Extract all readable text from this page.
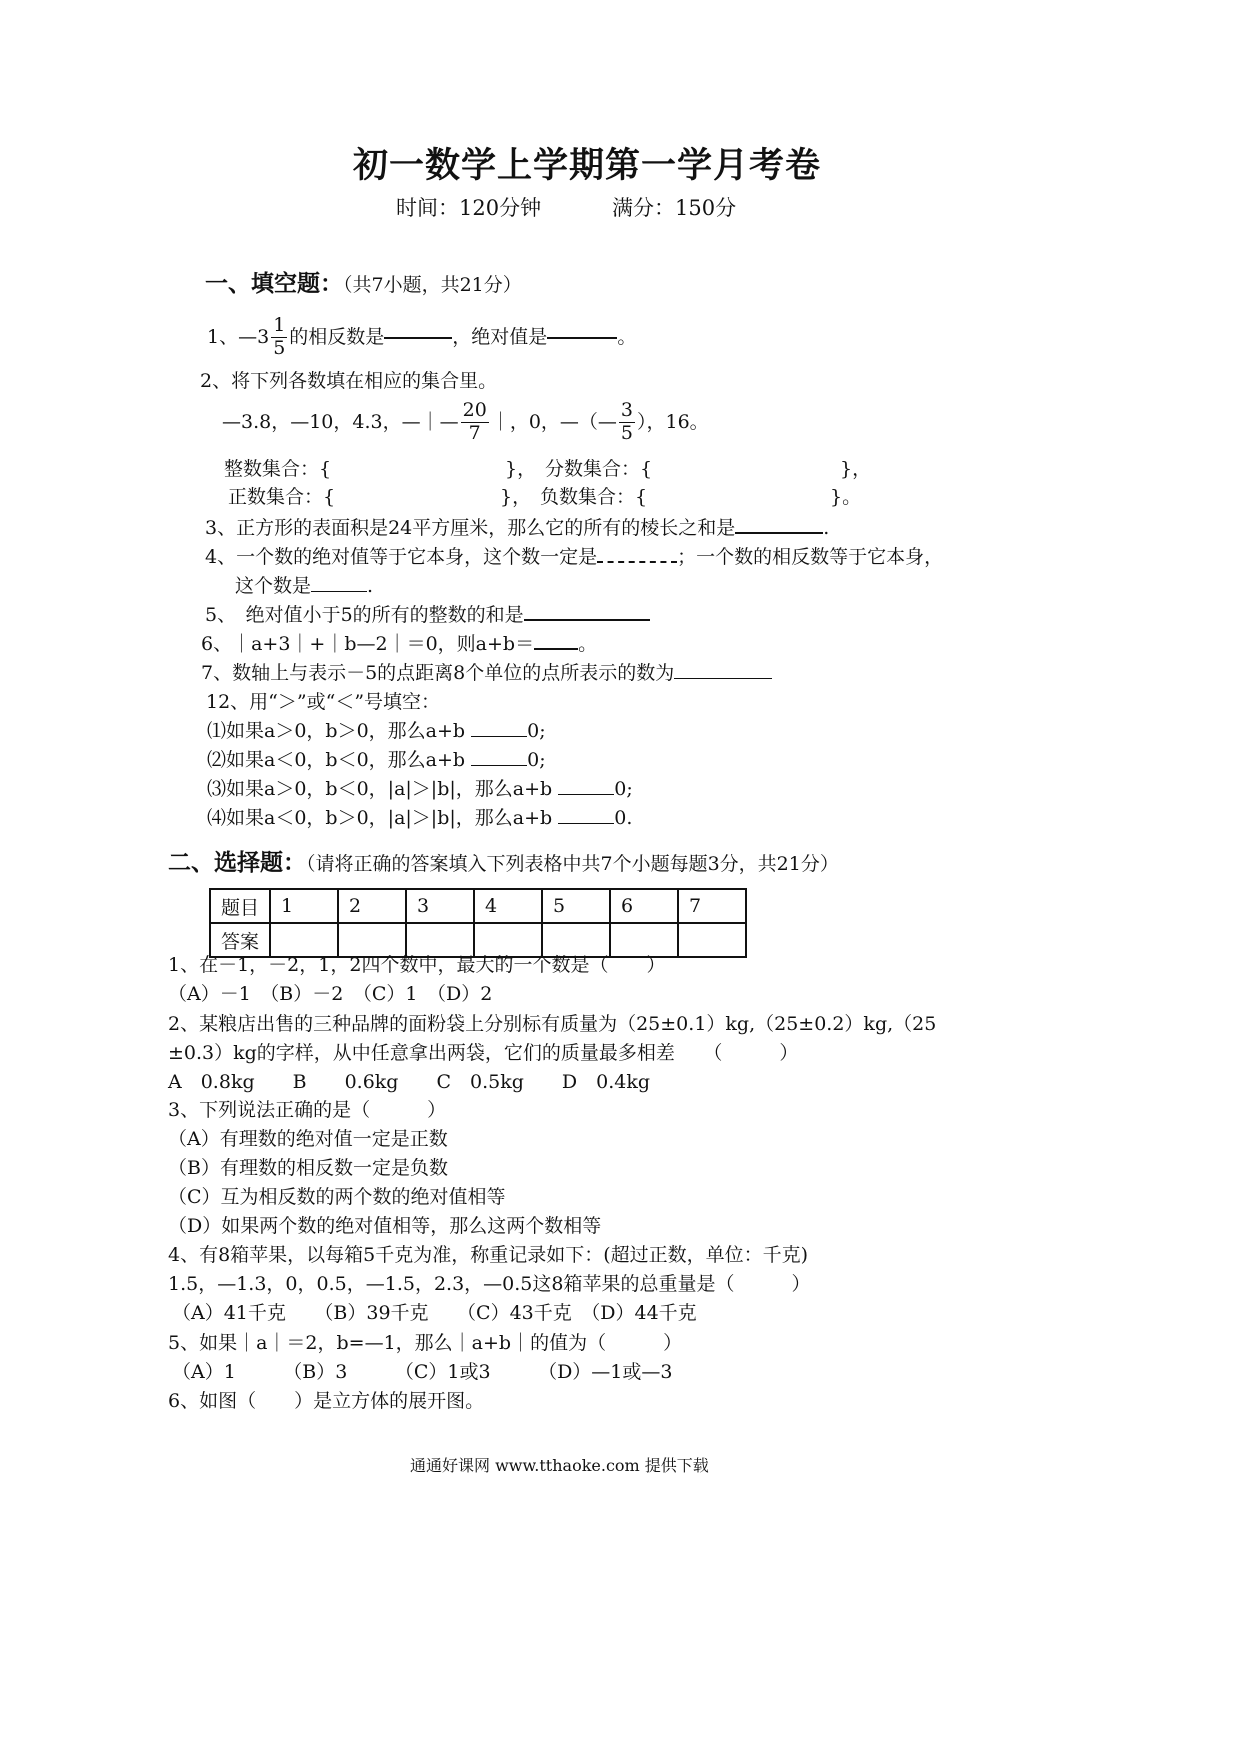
初一数学上学期第一学月考卷
时间：120分钟	满分：150分
一、填空题：（共7小题，共21分）
1、—3 $\frac{1}{5}$ 的相反数是	，绝对值是	。
2、将下列各数填在相应的集合里。
—3.8，—10，4.3，—｜— $\frac{20}{7}$ ｜，0，—（— $\frac{3}{5}$ ），16。
整数集合：{	}， 分数集合：{	}，
正数集合：{	}， 负数集合：{	}。
3、正方形的表面积是24平方厘米，那么它的所有的棱长之和是	.
4、一个数的绝对值等于它本身，这个数一定是	；一个数的相反数等于它本身，
这个数是	.
5、　绝对值小于5的所有的整数的和是
6、｜a+3｜+｜b—2｜＝0，则a+b＝ 。
7、数轴上与表示－5的点距离8个单位的点所表示的数为
12、用“＞”或“＜”号填空：
⑴如果a＞0，b＞0，那么a+b	0;
⑵如果a＜0，b＜0，那么a+b	0;
⑶如果a＞0，b＜0，|a|＞|b|，那么a+b	0;
⑷如果a＜0，b＞0，|a|＞|b|，那么a+b	0.
二、选择题：（请将正确的答案填入下列表格中共7个小题每题3分，共21分）
题目	1	2	3	4	5	6	7
答案							
1、在－1，－2，1，2四个数中，最大的一个数是（　　）
（A）－1　（B）－2　（C）1　（D）2
2、某粮店出售的三种品牌的面粉袋上分别标有质量为（25±0.1）kg,（25±0.2）kg,（25
±0.3）kg的字样，从中任意拿出两袋，它们的质量最多相差　　（　　　）
A　0.8kg　　B　　0.6kg　　C　0.5kg　　D　0.4kg
3、下列说法正确的是（　　　）
（A）有理数的绝对值一定是正数
（B）有理数的相反数一定是负数
（C）互为相反数的两个数的绝对值相等
（D）如果两个数的绝对值相等，那么这两个数相等
4、有8箱苹果，以每箱5千克为准，称重记录如下：(超过正数，单位：千克)
1.5，—1.3，0，0.5，—1.5，2.3，—0.5这8箱苹果的总重量是（　　　）
（A）41千克　　（B）39千克　　（C）43千克　（D）44千克
5、如果｜a｜＝2，b=—1，那么｜a+b｜的值为（　　　）
（A）1　　　（B）3　　　（C）1或3　　　（D）—1或—3
6、如图（　　）是立方体的展开图。
通通好课网 www.tthaoke.com 提供下载
